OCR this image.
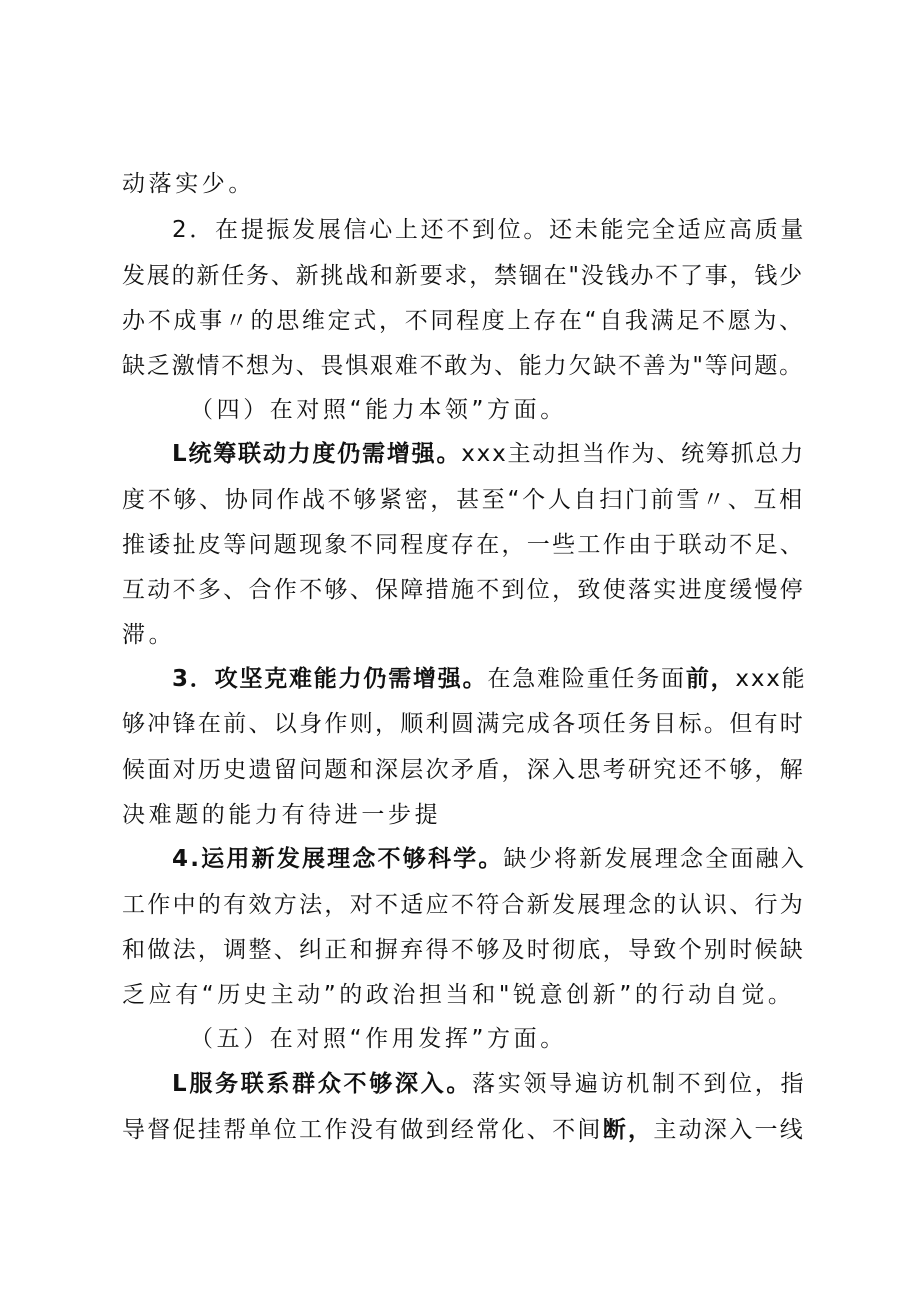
动落实少。
2．在提振发展信心上还不到位。还未能完全适应高质量
发展的新任务、新挑战和新要求，禁锢在"没钱办不了事，钱少
办不成事〃的思维定式，不同程度上存在“自我满足不愿为、
缺乏激情不想为、畏惧艰难不敢为、能力欠缺不善为"等问题。
（四）在对照“能力本领”方面。
L统筹联动力度仍需增强。xxx主动担当作为、统筹抓总力
度不够、协同作战不够紧密，甚至“个人自扫门前雪〃、互相
推诿扯皮等问题现象不同程度存在，一些工作由于联动不足、
互动不多、合作不够、保障措施不到位，致使落实进度缓慢停
滞。
3．攻坚克难能力仍需增强。在急难险重任务面前，xxx能
够冲锋在前、以身作则，顺利圆满完成各项任务目标。但有时
候面对历史遗留问题和深层次矛盾，深入思考研究还不够，解
决难题的能力有待进一步提
4.运用新发展理念不够科学。缺少将新发展理念全面融入
工作中的有效方法，对不适应不符合新发展理念的认识、行为
和做法，调整、纠正和摒弃得不够及时彻底，导致个别时候缺
乏应有“历史主动”的政治担当和"锐意创新”的行动自觉。
（五）在对照“作用发挥”方面。
L服务联系群众不够深入。落实领导遍访机制不到位，指
导督促挂帮单位工作没有做到经常化、不间断，主动深入一线
